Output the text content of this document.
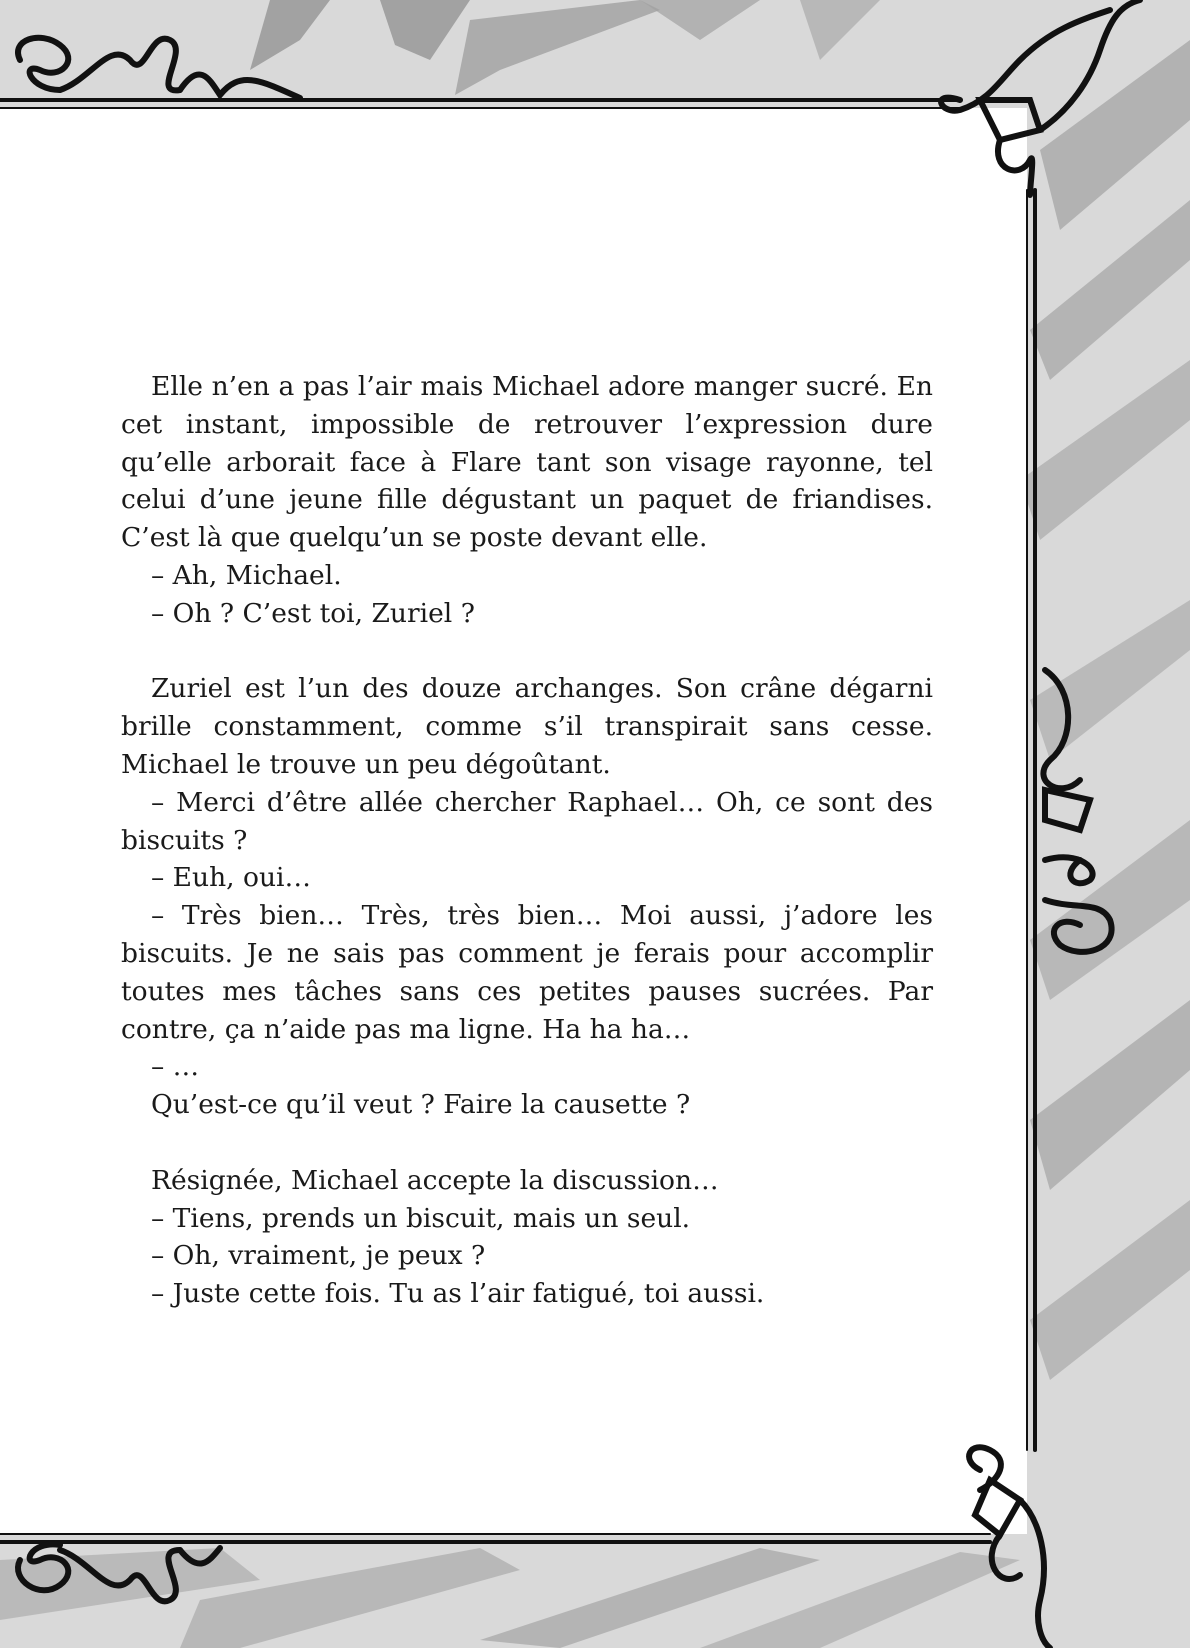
Elle n’en a pas l’air mais Michael adore manger sucré. En cet instant, impossible de retrouver l’expression dure qu’elle arborait face à Flare tant son visage rayonne, tel celui d’une jeune fille dégustant un paquet de friandises. C’est là que quelqu’un se poste devant elle.

– Ah, Michael.

– Oh ? C’est toi, Zuriel ?

Zuriel est l’un des douze archanges. Son crâne dégarni brille constamment, comme s’il transpirait sans cesse. Michael le trouve un peu dégoûtant.

– Merci d’être allée chercher Raphael… Oh, ce sont des biscuits ?

– Euh, oui…

– Très bien… Très, très bien… Moi aussi, j’adore les biscuits. Je ne sais pas comment je ferais pour accomplir toutes mes tâches sans ces petites pauses sucrées. Par contre, ça n’aide pas ma ligne. Ha ha ha…

– …

Qu’est-ce qu’il veut ? Faire la causette ?

Résignée, Michael accepte la discussion…

– Tiens, prends un biscuit, mais un seul.

– Oh, vraiment, je peux ?

– Juste cette fois. Tu as l’air fatigué, toi aussi.
